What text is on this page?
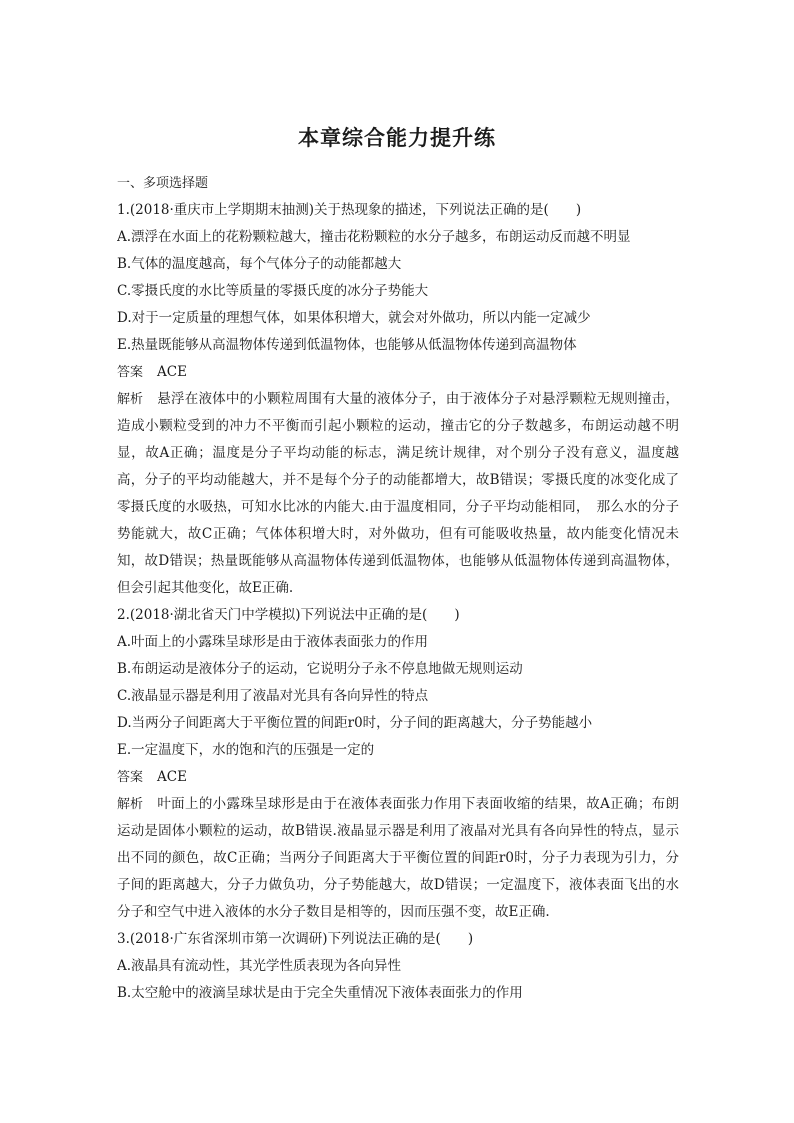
本章综合能力提升练
一、多项选择题
1.(2018·重庆市上学期期末抽测)关于热现象的描述，下列说法正确的是(　　)
A.漂浮在水面上的花粉颗粒越大，撞击花粉颗粒的水分子越多，布朗运动反而越不明显
B.气体的温度越高，每个气体分子的动能都越大
C.零摄氏度的水比等质量的零摄氏度的冰分子势能大
D.对于一定质量的理想气体，如果体积增大，就会对外做功，所以内能一定减少
E.热量既能够从高温物体传递到低温物体，也能够从低温物体传递到高温物体
答案 ACE
解析 悬浮在液体中的小颗粒周围有大量的液体分子，由于液体分子对悬浮颗粒无规则撞击，造成小颗粒受到的冲力不平衡而引起小颗粒的运动，撞击它的分子数越多，布朗运动越不明显，故A正确；温度是分子平均动能的标志，满足统计规律，对个别分子没有意义，温度越高，分子的平均动能越大，并不是每个分子的动能都增大，故B错误；零摄氏度的冰变化成了零摄氏度的水吸热，可知水比冰的内能大.由于温度相同，分子平均动能相同，　那么水的分子势能就大，故C正确；气体体积增大时，对外做功，但有可能吸收热量，故内能变化情况未知，故D错误；热量既能够从高温物体传递到低温物体，也能够从低温物体传递到高温物体，但会引起其他变化，故E正确.
2.(2018·湖北省天门中学模拟)下列说法中正确的是(　　)
A.叶面上的小露珠呈球形是由于液体表面张力的作用
B.布朗运动是液体分子的运动，它说明分子永不停息地做无规则运动
C.液晶显示器是利用了液晶对光具有各向异性的特点
D.当两分子间距离大于平衡位置的间距r0时，分子间的距离越大，分子势能越小
E.一定温度下，水的饱和汽的压强是一定的
答案 ACE
解析 叶面上的小露珠呈球形是由于在液体表面张力作用下表面收缩的结果，故A正确；布朗运动是固体小颗粒的运动，故B错误.液晶显示器是利用了液晶对光具有各向异性的特点，显示出不同的颜色，故C正确；当两分子间距离大于平衡位置的间距r0时，分子力表现为引力，分子间的距离越大，分子力做负功，分子势能越大，故D错误；一定温度下，液体表面飞出的水分子和空气中进入液体的水分子数目是相等的，因而压强不变，故E正确.
3.(2018·广东省深圳市第一次调研)下列说法正确的是(　　)
A.液晶具有流动性，其光学性质表现为各向异性
B.太空舱中的液滴呈球状是由于完全失重情况下液体表面张力的作用
